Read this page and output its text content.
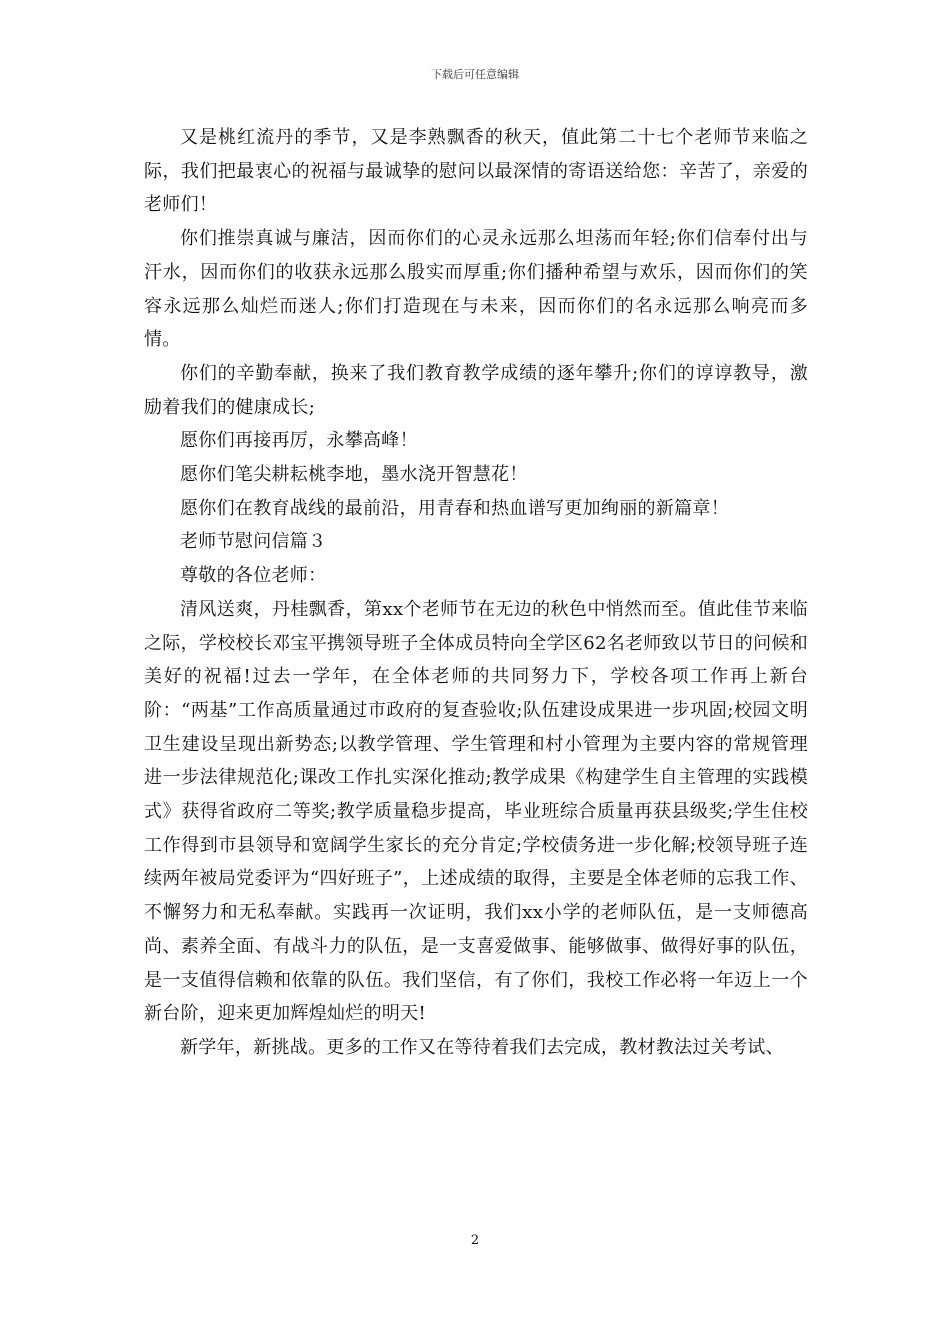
下载后可任意编辑

又是桃红流丹的季节，又是李熟飘香的秋天，值此第二十七个老师节来临之际，我们把最衷心的祝福与最诚挚的慰问以最深情的寄语送给您：辛苦了，亲爱的老师们！

你们推崇真诚与廉洁，因而你们的心灵永远那么坦荡而年轻;你们信奉付出与汗水，因而你们的收获永远那么殷实而厚重;你们播种希望与欢乐，因而你们的笑容永远那么灿烂而迷人;你们打造现在与未来，因而你们的名永远那么响亮而多情。

你们的辛勤奉献，换来了我们教育教学成绩的逐年攀升;你们的谆谆教导，激励着我们的健康成长;

愿你们再接再厉，永攀高峰！

愿你们笔尖耕耘桃李地，墨水浇开智慧花！

愿你们在教育战线的最前沿，用青春和热血谱写更加绚丽的新篇章！

老师节慰问信篇３

尊敬的各位老师：

清风送爽，丹桂飘香，第xx个老师节在无边的秋色中悄然而至。值此佳节来临之际，学校校长邓宝平携领导班子全体成员特向全学区62名老师致以节日的问候和美好的祝福!过去一学年，在全体老师的共同努力下，学校各项工作再上新台阶：“两基”工作高质量通过市政府的复查验收;队伍建设成果进一步巩固;校园文明卫生建设呈现出新势态;以教学管理、学生管理和村小管理为主要内容的常规管理进一步法律规范化;课改工作扎实深化推动;教学成果《构建学生自主管理的实践模式》获得省政府二等奖;教学质量稳步提高，毕业班综合质量再获县级奖;学生住校工作得到市县领导和宽阔学生家长的充分肯定;学校债务进一步化解;校领导班子连续两年被局党委评为“四好班子”，上述成绩的取得，主要是全体老师的忘我工作、不懈努力和无私奉献。实践再一次证明，我们xx小学的老师队伍，是一支师德高尚、素养全面、有战斗力的队伍，是一支喜爱做事、能够做事、做得好事的队伍，是一支值得信赖和依靠的队伍。我们坚信，有了你们，我校工作必将一年迈上一个新台阶，迎来更加辉煌灿烂的明天!

新学年，新挑战。更多的工作又在等待着我们去完成，教材教法过关考试、

2
